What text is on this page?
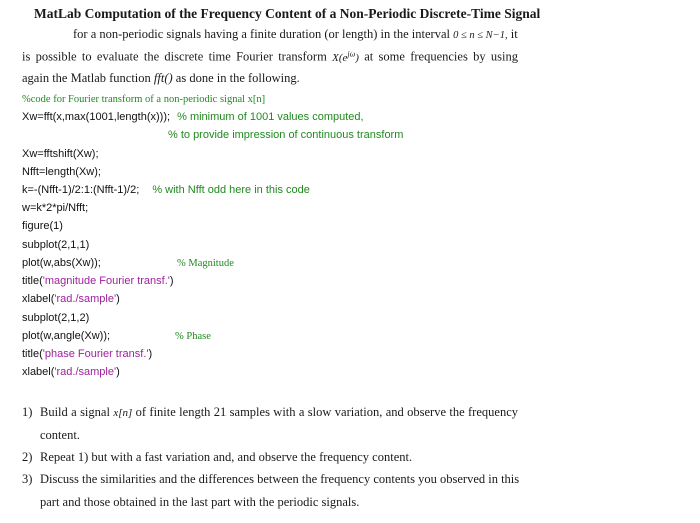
MatLab Computation of the Frequency Content of a Non-Periodic Discrete-Time Signal
for a non-periodic signals having a finite duration (or length) in the interval 0 ≤ n ≤ N−1, it
is possible to evaluate the discrete time Fourier transform $X(e^{j\omega})$ at some frequencies by using
again the Matlab function fft() as done in the following.
%code for Fourier transform of a non-periodic signal x[n]
Xw=fft(x,max(1001,length(x))); % minimum of 1001 values computed,
% to provide impression of continuous transform
Xw=fftshift(Xw);
Nfft=length(Xw);
k=-(Nfft-1)/2:1:(Nfft-1)/2; % with Nfft odd here in this code
w=k*2*pi/Nfft;
figure(1)
subplot(2,1,1)
plot(w,abs(Xw));	% Magnitude
title('magnitude Fourier transf.')
xlabel('rad./sample')
subplot(2,1,2)
plot(w,angle(Xw));	% Phase
title('phase Fourier transf.')
xlabel('rad./sample')
1) Build a signal x[n] of finite length 21 samples with a slow variation, and observe the frequency
content.
2) Repeat 1) but with a fast variation and, and observe the frequency content.
3) Discuss the similarities and the differences between the frequency contents you observed in this
part and those obtained in the last part with the periodic signals.
